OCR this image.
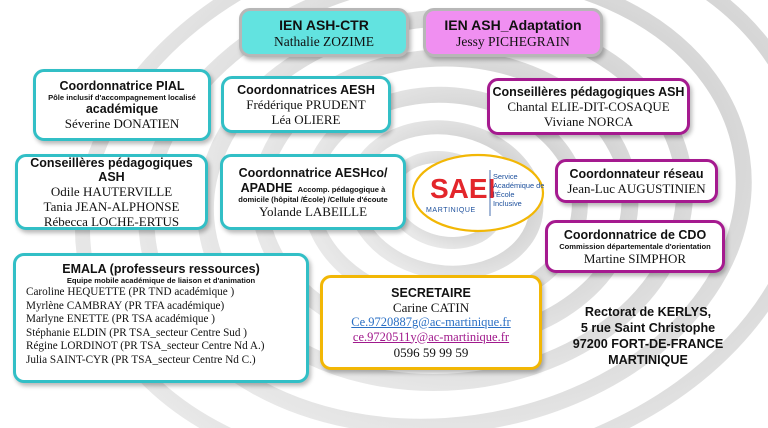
IEN ASH-CTR
Nathalie ZOZIME
IEN ASH_Adaptation
Jessy PICHEGRAIN
Coordonnatrice PIAL
Pôle inclusif d'accompagnement localisé
académique
Séverine DONATIEN
Coordonnatrices AESH
Frédérique PRUDENT
Léa OLIERE
Conseillères pédagogiques ASH
Chantal ELIE-DIT-COSAQUE
Viviane NORCA
Conseillères pédagogiques ASH
Odile HAUTERVILLE
Tania JEAN-ALPHONSE
Rébecca LOCHE-ERTUS
Coordonnatrice AESHco/
APADHE Accomp. pédagogique à
domicile (hôpital /École) /Cellule d'écoute
Yolande LABEILLE
SAEI
MARTINIQUE
Service
Académique de
l'École
Inclusive
Coordonnateur réseau
Jean-Luc AUGUSTINIEN
Coordonnatrice de CDO
Commission départementale d'orientation
Martine SIMPHOR
EMALA (professeurs ressources)
Equipe mobile académique de liaison et d'animation
Caroline HEQUETTE (PR TND académique )
Myrlène CAMBRAY (PR TFA académique)
Marlyne ENETTE (PR TSA académique )
Stéphanie ELDIN (PR TSA_secteur Centre Sud )
Régine LORDINOT (PR TSA_secteur Centre Nd A.)
Julia SAINT-CYR (PR TSA_secteur Centre Nd C.)
SECRETAIRE
Carine CATIN
Ce.9720887g@ac-martinique.fr
ce.9720511y@ac-martinique.fr
0596 59 99 59
Rectorat de KERLYS,
5 rue Saint Christophe
97200 FORT-DE-FRANCE
MARTINIQUE
